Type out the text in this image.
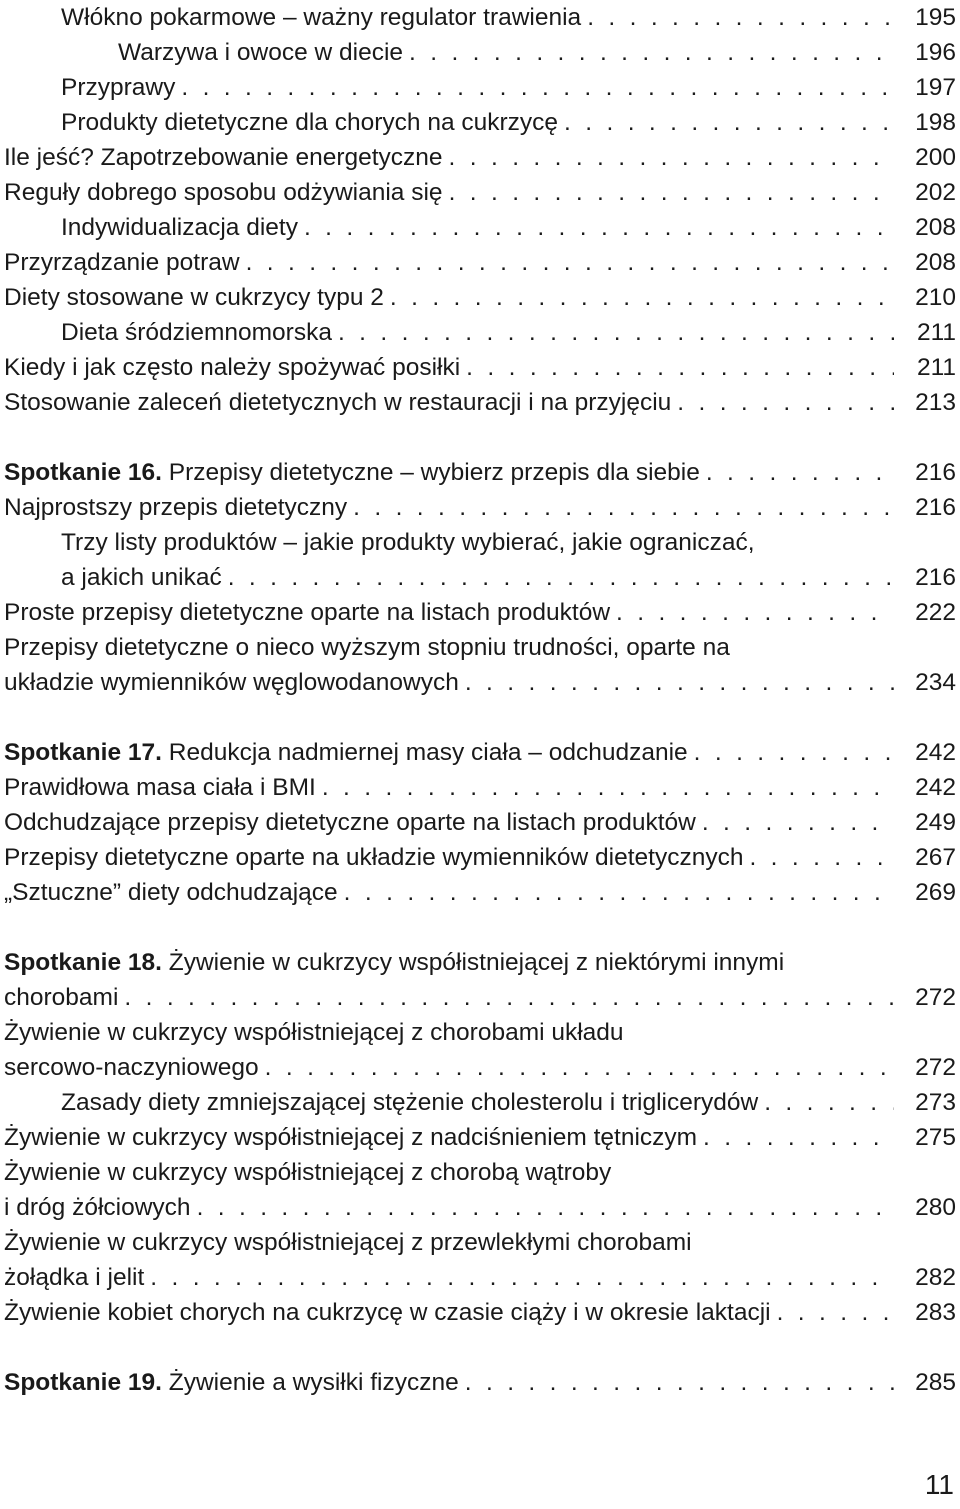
Włókno pokarmowe – ważny regulator trawienia . . .	195
Warzywa i owoce w diecie . . .	196
Przyprawy . . .	197
Produkty dietetyczne dla chorych na cukrzycę . . .	198
Ile jeść? Zapotrzebowanie energetyczne . . .	200
Reguły dobrego sposobu odżywiania się . . .	202
Indywidualizacja diety . . .	208
Przyrządzanie potraw . . .	208
Diety stosowane w cukrzycy typu 2 . . .	210
Dieta śródziemnomorska . . .	211
Kiedy i jak często należy spożywać posiłki . . .	211
Stosowanie zaleceń dietetycznych w restauracji i na przyjęciu . . .	213
Spotkanie 16. Przepisy dietetyczne – wybierz przepis dla siebie . . .	216
Najprostszy przepis dietetyczny . . .	216
Trzy listy produktów – jakie produkty wybierać, jakie ograniczać,
a jakich unikać . . .	216
Proste przepisy dietetyczne oparte na listach produktów . . .	222
Przepisy dietetyczne o nieco wyższym stopniu trudności, oparte na
układzie wymienników węglowodanowych . . .	234
Spotkanie 17. Redukcja nadmiernej masy ciała – odchudzanie . . .	242
Prawidłowa masa ciała i BMI . . .	242
Odchudzające przepisy dietetyczne oparte na listach produktów . . .	249
Przepisy dietetyczne oparte na układzie wymienników dietetycznych . . .	267
„Sztuczne” diety odchudzające . . .	269
Spotkanie 18. Żywienie w cukrzycy współistniejącej z niektórymi innymi
chorobami . . .	272
Żywienie w cukrzycy współistniejącej z chorobami układu
sercowo-naczyniowego . . .	272
Zasady diety zmniejszającej stężenie cholesterolu i triglicerydów . . .	273
Żywienie w cukrzycy współistniejącej z nadciśnieniem tętniczym . . .	275
Żywienie w cukrzycy współistniejącej z chorobą wątroby
i dróg żółciowych . . .	280
Żywienie w cukrzycy współistniejącej z przewlekłymi chorobami
żołądka i jelit . . .	282
Żywienie kobiet chorych na cukrzycę w czasie ciąży i w okresie laktacji . . .	283
Spotkanie 19. Żywienie a wysiłki fizyczne . . .	285
11
